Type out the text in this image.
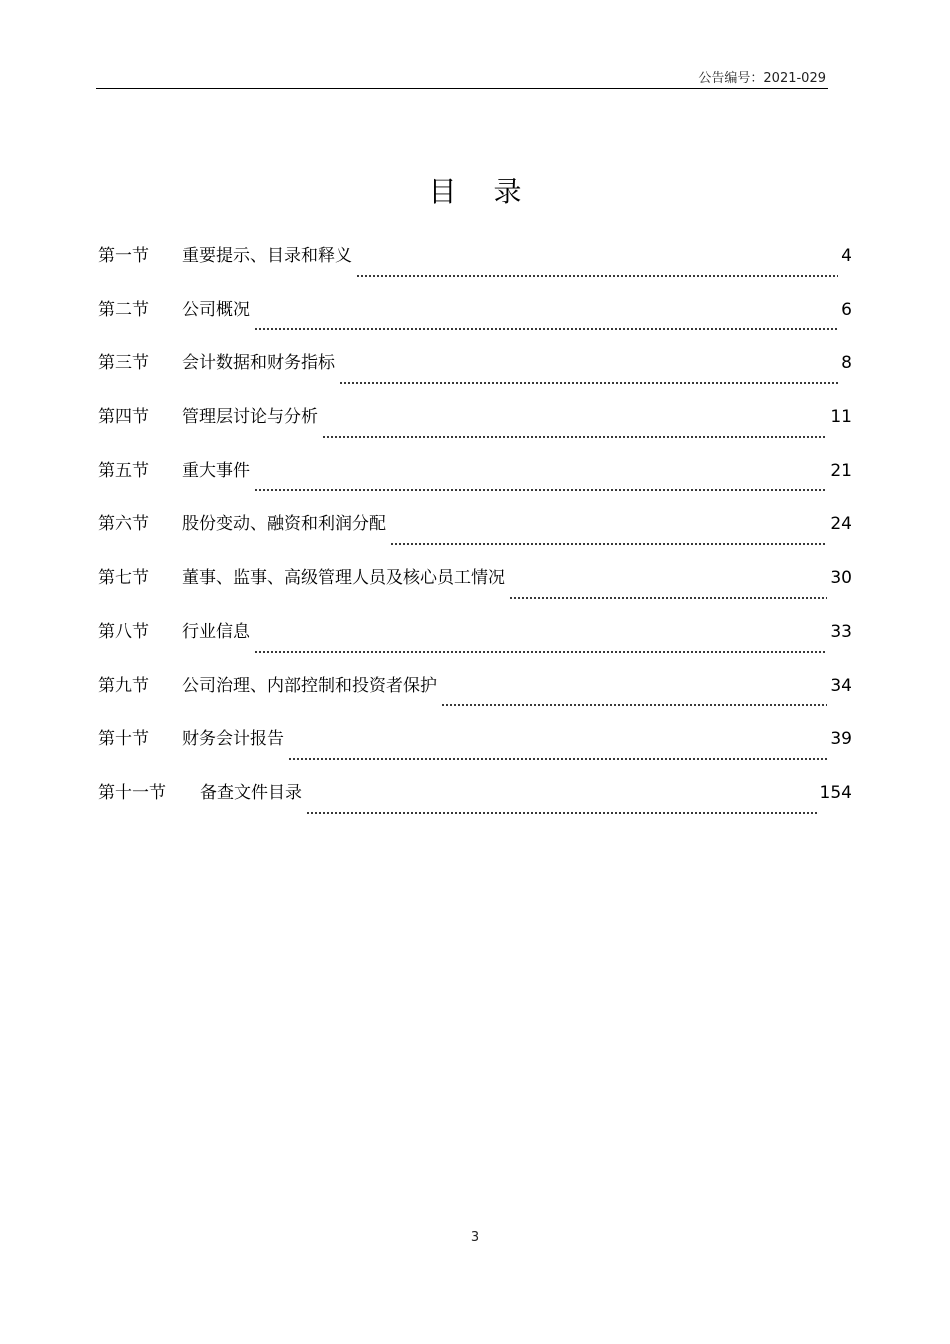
公告编号：2021-029
目 录
第一节	重要提示、目录和释义	4
第二节	公司概况	6
第三节	会计数据和财务指标	8
第四节	管理层讨论与分析	11
第五节	重大事件	21
第六节	股份变动、融资和利润分配	24
第七节	董事、监事、高级管理人员及核心员工情况	30
第八节	行业信息	33
第九节	公司治理、内部控制和投资者保护	34
第十节	财务会计报告	39
第十一节	备查文件目录	154
3
